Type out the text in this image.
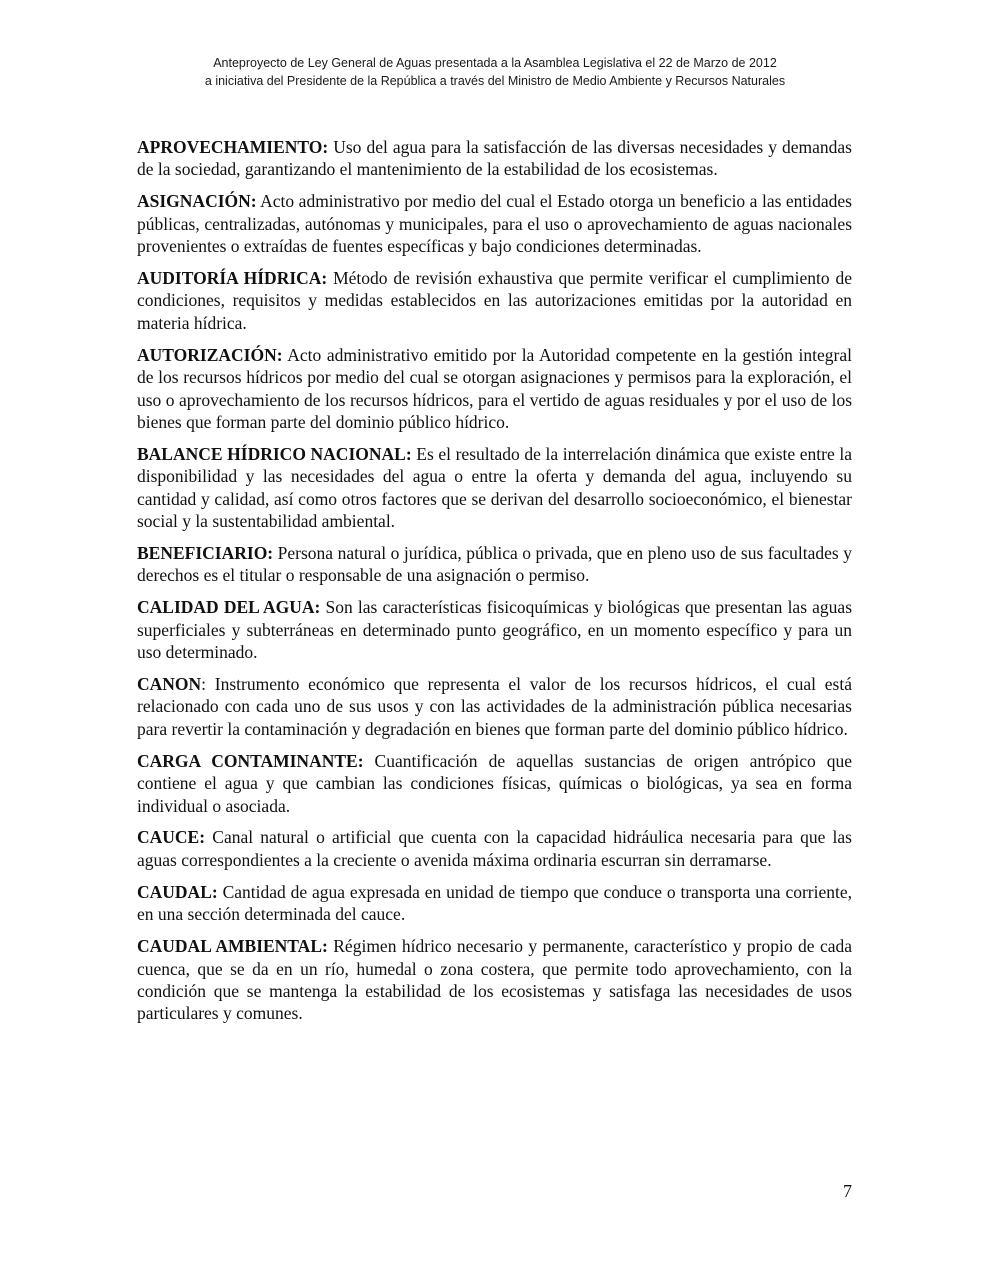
Anteproyecto de Ley General de Aguas presentada a la Asamblea Legislativa el 22 de Marzo de 2012
a iniciativa del Presidente de la República a través del Ministro de Medio Ambiente y Recursos Naturales

APROVECHAMIENTO: Uso del agua para la satisfacción de las diversas necesidades y demandas de la sociedad, garantizando el mantenimiento de la estabilidad de los ecosistemas.

ASIGNACIÓN: Acto administrativo por medio del cual el Estado otorga un beneficio a las entidades públicas, centralizadas, autónomas y municipales, para el uso o aprovechamiento de aguas nacionales provenientes o extraídas de fuentes específicas y bajo condiciones determinadas.

AUDITORÍA HÍDRICA: Método de revisión exhaustiva que permite verificar el cumplimiento de condiciones, requisitos y medidas establecidos en las autorizaciones emitidas por la autoridad en materia hídrica.

AUTORIZACIÓN: Acto administrativo emitido por la Autoridad competente en la gestión integral de los recursos hídricos por medio del cual se otorgan asignaciones y permisos para la exploración, el uso o aprovechamiento de los recursos hídricos, para el vertido de aguas residuales y por el uso de los bienes que forman parte del dominio público hídrico.

BALANCE HÍDRICO NACIONAL: Es el resultado de la interrelación dinámica que existe entre la disponibilidad y las necesidades del agua o entre la oferta y demanda del agua, incluyendo su cantidad y calidad, así como otros factores que se derivan del desarrollo socioeconómico, el bienestar social y la sustentabilidad ambiental.

BENEFICIARIO: Persona natural o jurídica, pública o privada, que en pleno uso de sus facultades y derechos es el titular o responsable de una asignación o permiso.

CALIDAD DEL AGUA: Son las características fisicoquímicas y biológicas que presentan las aguas superficiales y subterráneas en determinado punto geográfico, en un momento específico y para un uso determinado.

CANON: Instrumento económico que representa el valor de los recursos hídricos, el cual está relacionado con cada uno de sus usos y con las actividades de la administración pública necesarias para revertir la contaminación y degradación en bienes que forman parte del dominio público hídrico.

CARGA CONTAMINANTE: Cuantificación de aquellas sustancias de origen antrópico que contiene el agua y que cambian las condiciones físicas, químicas o biológicas, ya sea en forma individual o asociada.

CAUCE: Canal natural o artificial que cuenta con la capacidad hidráulica necesaria para que las aguas correspondientes a la creciente o avenida máxima ordinaria escurran sin derramarse.

CAUDAL: Cantidad de agua expresada en unidad de tiempo que conduce o transporta una corriente, en una sección determinada del cauce.

CAUDAL AMBIENTAL: Régimen hídrico necesario y permanente, característico y propio de cada cuenca, que se da en un río, humedal o zona costera, que permite todo aprovechamiento, con la condición que se mantenga la estabilidad de los ecosistemas y satisfaga las necesidades de usos particulares y comunes.

7
